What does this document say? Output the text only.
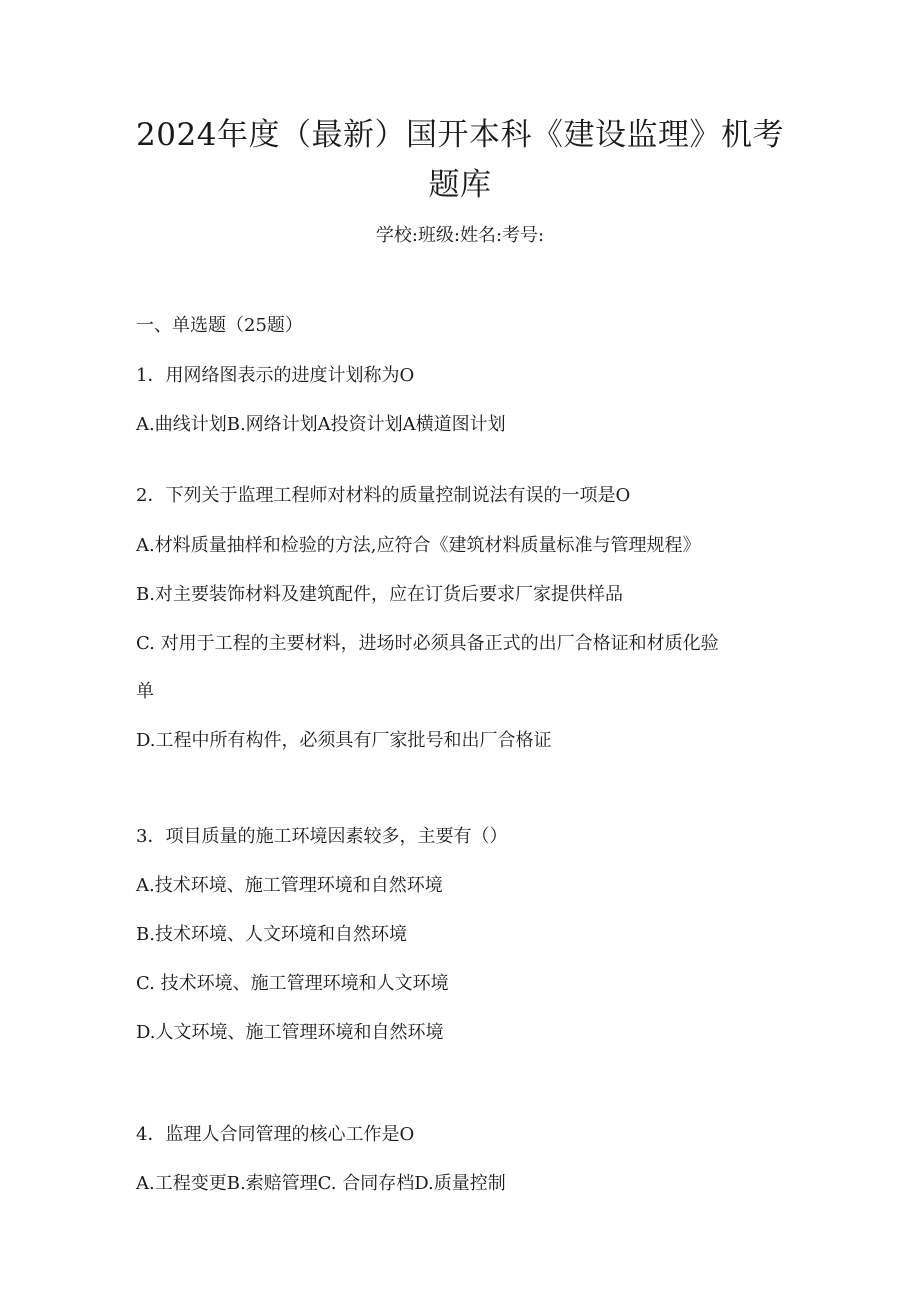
2024年度（最新）国开本科《建设监理》机考题库
学校:班级:姓名:考号:

一、单选题（25题）

1．用网络图表示的进度计划称为O

A.曲线计划B.网络计划A投资计划A横道图计划

2．下列关于监理工程师对材料的质量控制说法有误的一项是O

A.材料质量抽样和检验的方法,应符合《建筑材料质量标准与管理规程》

B.对主要装饰材料及建筑配件，应在订货后要求厂家提供样品

C. 对用于工程的主要材料，进场时必须具备正式的出厂合格证和材质化验

单

D.工程中所有构件，必须具有厂家批号和出厂合格证

3．项目质量的施工环境因素较多，主要有（）

A.技术环境、施工管理环境和自然环境

B.技术环境、人文环境和自然环境

C. 技术环境、施工管理环境和人文环境

D.人文环境、施工管理环境和自然环境

4．监理人合同管理的核心工作是O

A.工程变更B.索赔管理C. 合同存档D.质量控制
